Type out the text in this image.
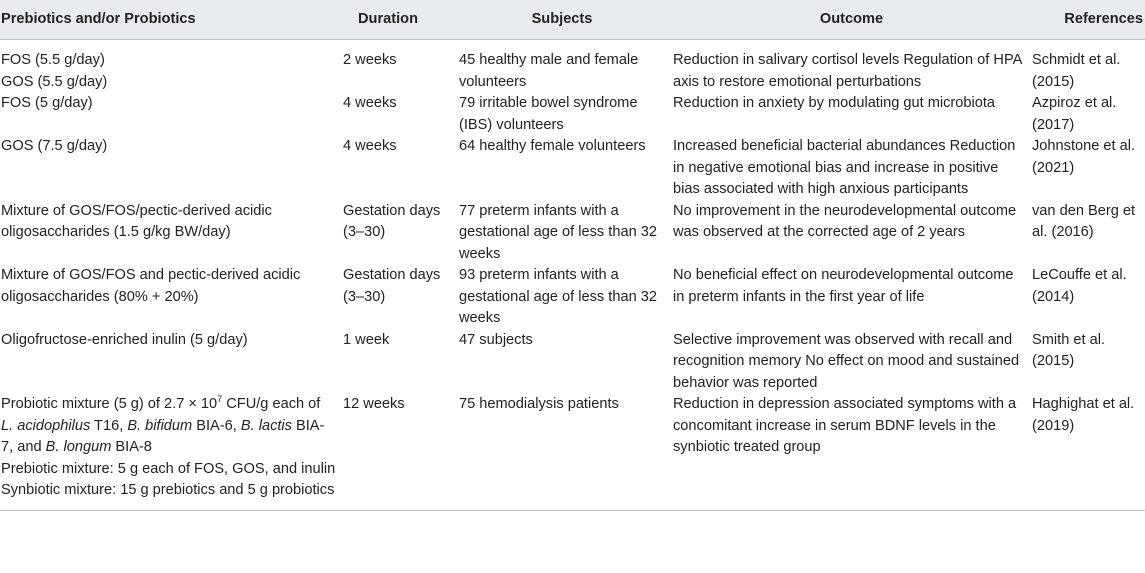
Prebiotics and/or Probiotics	Duration	Subjects	Outcome	References

FOS (5.5 g/day)
GOS (5.5 g/day)	2 weeks	45 healthy male and female volunteers	Reduction in salivary cortisol levels Regulation of HPA axis to restore emotional perturbations	Schmidt et al. (2015)

FOS (5 g/day)	4 weeks	79 irritable bowel syndrome (IBS) volunteers	Reduction in anxiety by modulating gut microbiota	Azpiroz et al. (2017)

GOS (7.5 g/day)	4 weeks	64 healthy female volunteers	Increased beneficial bacterial abundances Reduction in negative emotional bias and increase in positive bias associated with high anxious participants	Johnstone et al. (2021)

Mixture of GOS/FOS/pectic-derived acidic oligosaccharides (1.5 g/kg BW/day)	Gestation days (3–30)	77 preterm infants with a gestational age of less than 32 weeks	No improvement in the neurodevelopmental outcome was observed at the corrected age of 2 years	van den Berg et al. (2016)

Mixture of GOS/FOS and pectic-derived acidic oligosaccharides (80% + 20%)	Gestation days (3–30)	93 preterm infants with a gestational age of less than 32 weeks	No beneficial effect on neurodevelopmental outcome in preterm infants in the first year of life	LeCouffe et al. (2014)

Oligofructose-enriched inulin (5 g/day)	1 week	47 subjects	Selective improvement was observed with recall and recognition memory No effect on mood and sustained behavior was reported	Smith et al. (2015)

Probiotic mixture (5 g) of $2.7 \times 10^7$ CFU/g each of L. acidophilus T16, B. bifidum BIA-6, B. lactis BIA-7, and B. longum BIA-8
Prebiotic mixture: 5 g each of FOS, GOS, and inulin
Synbiotic mixture: 15 g prebiotics and 5 g probiotics	12 weeks	75 hemodialysis patients	Reduction in depression associated symptoms with a concomitant increase in serum BDNF levels in the synbiotic treated group	Haghighat et al. (2019)
